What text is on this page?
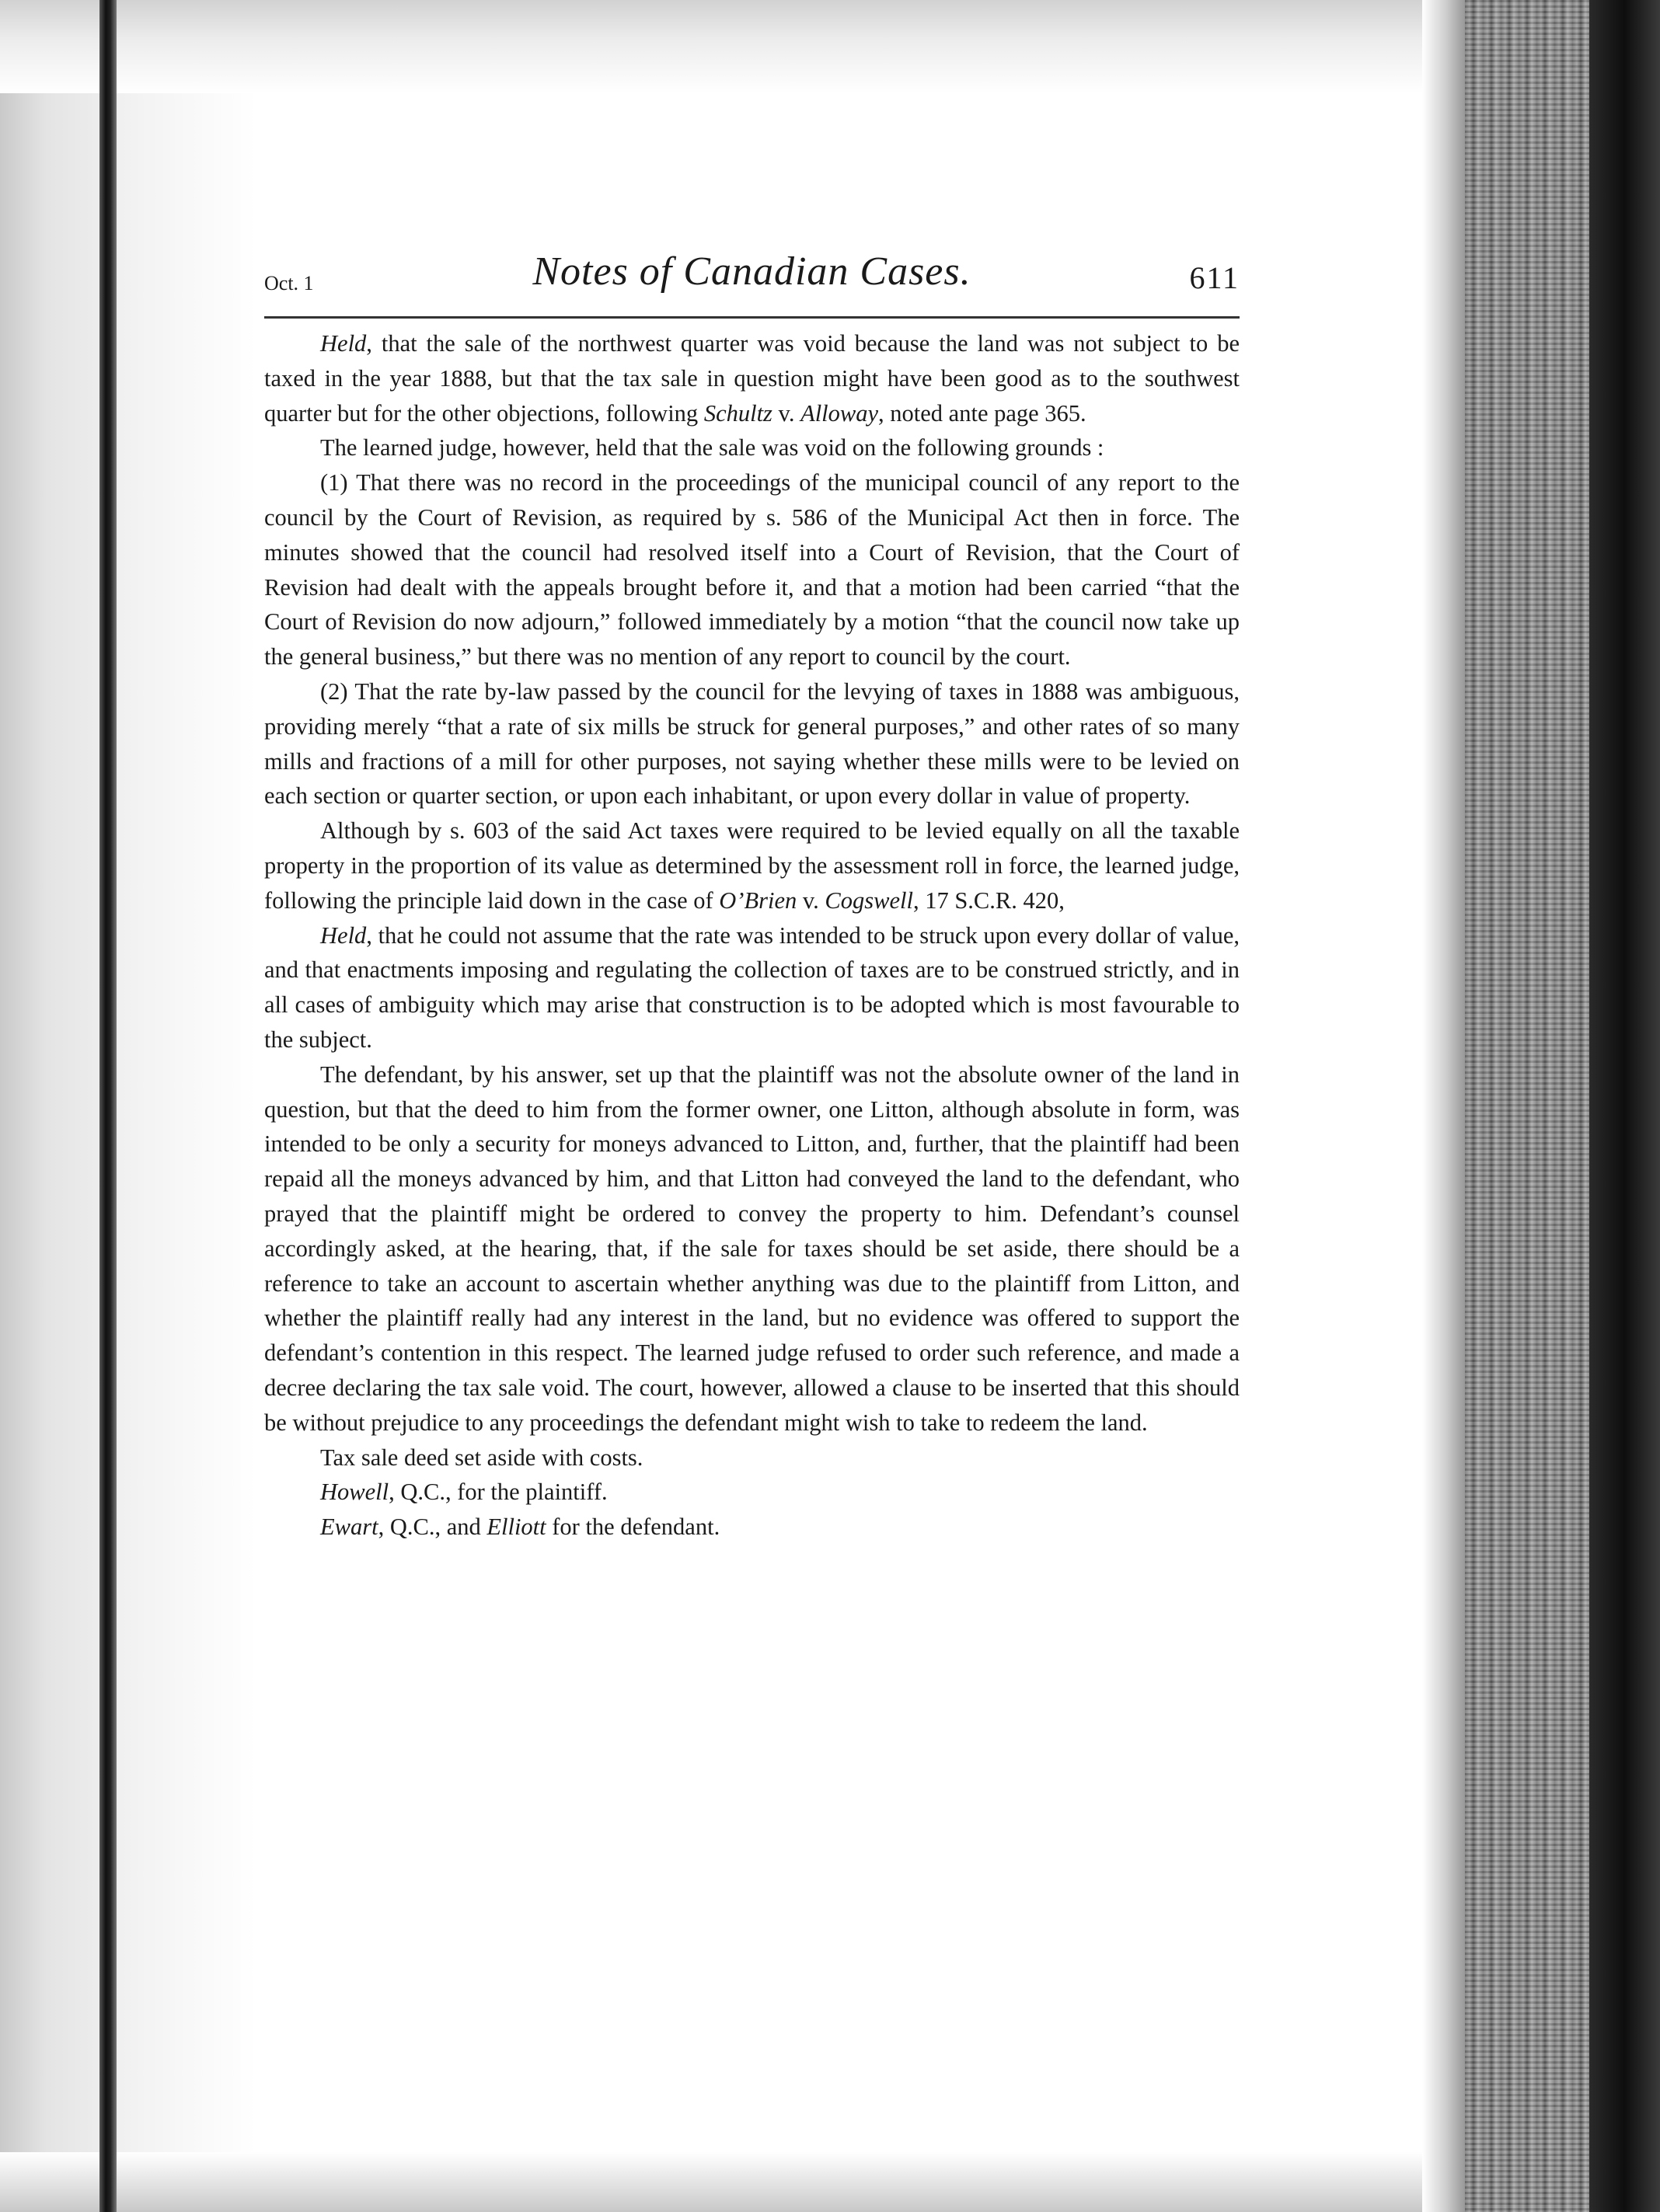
Oct. 1	Notes of Canadian Cases.	611

Held, that the sale of the northwest quarter was void because the land was not subject to be taxed in the year 1888, but that the tax sale in question might have been good as to the southwest quarter but for the other objections, following Schultz v. Alloway, noted ante page 365.

The learned judge, however, held that the sale was void on the following grounds :

(1) That there was no record in the proceedings of the municipal council of any report to the council by the Court of Revision, as required by s. 586 of the Municipal Act then in force. The minutes showed that the council had resolved itself into a Court of Revision, that the Court of Revision had dealt with the appeals brought before it, and that a motion had been carried “that the Court of Revision do now adjourn,” followed immediately by a motion “that the council now take up the general business,” but there was no mention of any report to council by the court.

(2) That the rate by-law passed by the council for the levying of taxes in 1888 was ambiguous, providing merely “that a rate of six mills be struck for general purposes,” and other rates of so many mills and fractions of a mill for other purposes, not saying whether these mills were to be levied on each section or quarter section, or upon each inhabitant, or upon every dollar in value of property.

Although by s. 603 of the said Act taxes were required to be levied equally on all the taxable property in the proportion of its value as determined by the assessment roll in force, the learned judge, following the principle laid down in the case of O’Brien v. Cogswell, 17 S.C.R. 420,

Held, that he could not assume that the rate was intended to be struck upon every dollar of value, and that enactments imposing and regulating the collection of taxes are to be construed strictly, and in all cases of ambiguity which may arise that construction is to be adopted which is most favourable to the subject.

The defendant, by his answer, set up that the plaintiff was not the absolute owner of the land in question, but that the deed to him from the former owner, one Litton, although absolute in form, was intended to be only a security for moneys advanced to Litton, and, further, that the plaintiff had been repaid all the moneys advanced by him, and that Litton had conveyed the land to the defendant, who prayed that the plaintiff might be ordered to convey the property to him. Defendant’s counsel accordingly asked, at the hearing, that, if the sale for taxes should be set aside, there should be a reference to take an account to ascertain whether anything was due to the plaintiff from Litton, and whether the plaintiff really had any interest in the land, but no evidence was offered to support the defendant’s contention in this respect. The learned judge refused to order such reference, and made a decree declaring the tax sale void. The court, however, allowed a clause to be inserted that this should be without prejudice to any proceedings the defendant might wish to take to redeem the land.

Tax sale deed set aside with costs.

Howell, Q.C., for the plaintiff.

Ewart, Q.C., and Elliott for the defendant.
